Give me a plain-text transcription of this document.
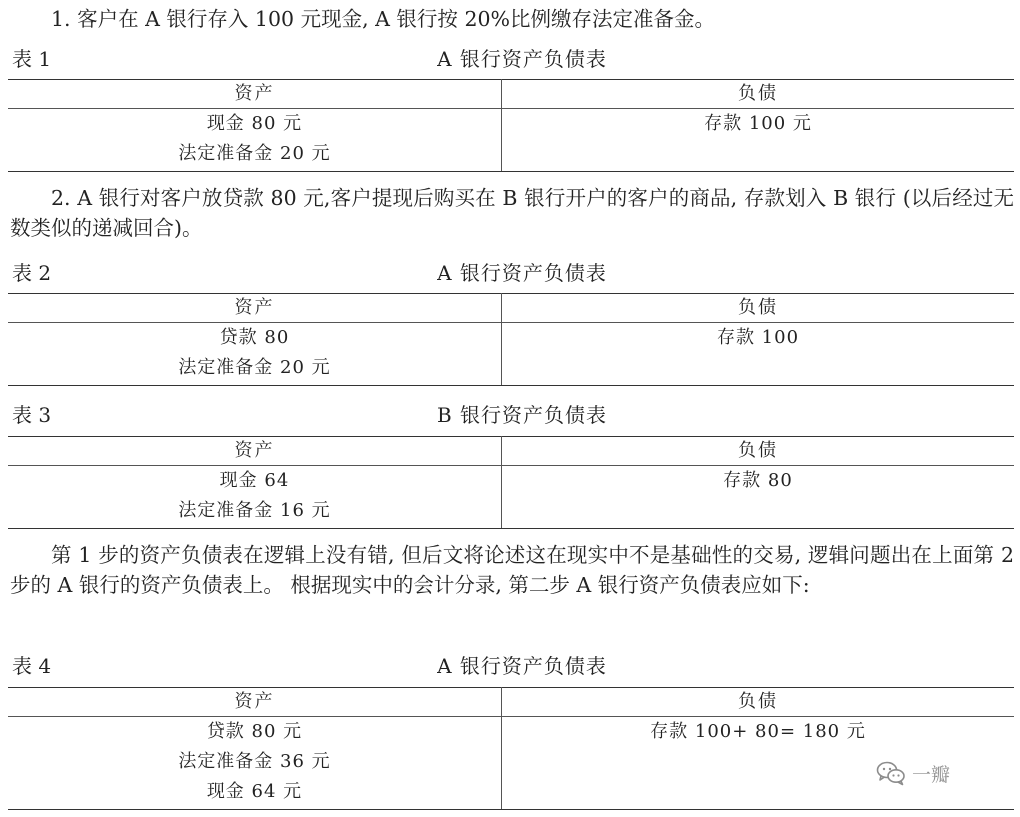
1. 客户在 A 银行存入 100 元现金, A 银行按 20%比例缴存法定准备金。

表 1	A 银行资产负债表
资产	负债

现金 80 元
法定准备金 20 元	存款 100 元

2. A 银行对客户放贷款 80 元,客户提现后购买在 B 银行开户的客户的商品, 存款划入 B 银行 (以后经过无数类似的递减回合)。

表 2	A 银行资产负债表
资产	负债

贷款 80
法定准备金 20 元	存款 100
表 3	B 银行资产负债表
资产	负债

现金 64
法定准备金 16 元	存款 80

第 1 步的资产负债表在逻辑上没有错, 但后文将论述这在现实中不是基础性的交易, 逻辑问题出在上面第 2 步的 A 银行的资产负债表上。 根据现实中的会计分录, 第二步 A 银行资产负债表应如下:

表 4	A 银行资产负债表
资产	负债

贷款 80 元
法定准备金 36 元
现金 64 元	存款 100+ 80= 180 元
一瓣
